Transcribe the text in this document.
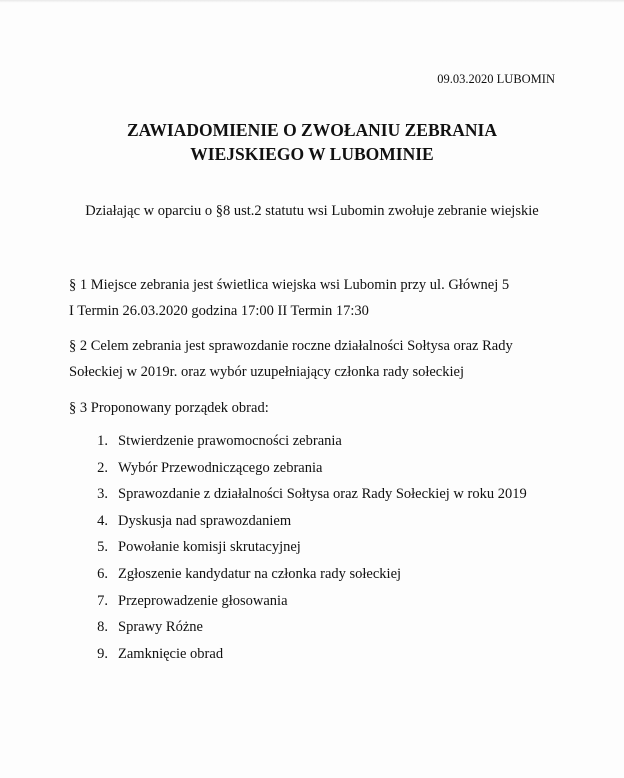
09.03.2020 LUBOMIN
ZAWIADOMIENIE O ZWOŁANIU ZEBRANIA
WIEJSKIEGO W LUBOMINIE
Działając w oparciu o §8 ust.2 statutu wsi Lubomin zwołuje zebranie wiejskie
§ 1 Miejsce zebrania jest świetlica wiejska wsi Lubomin przy ul. Głównej 5
I Termin 26.03.2020 godzina 17:00 II Termin 17:30
§ 2 Celem zebrania jest sprawozdanie roczne działalności Sołtysa oraz Rady
Sołeckiej w 2019r. oraz wybór uzupełniający członka rady sołeckiej
§ 3 Proponowany porządek obrad:
1. Stwierdzenie prawomocności zebrania
2. Wybór Przewodniczącego zebrania
3. Sprawozdanie z działalności Sołtysa oraz Rady Sołeckiej w roku 2019
4. Dyskusja nad sprawozdaniem
5. Powołanie komisji skrutacyjnej
6. Zgłoszenie kandydatur na członka rady sołeckiej
7. Przeprowadzenie głosowania
8. Sprawy Różne
9. Zamknięcie obrad
